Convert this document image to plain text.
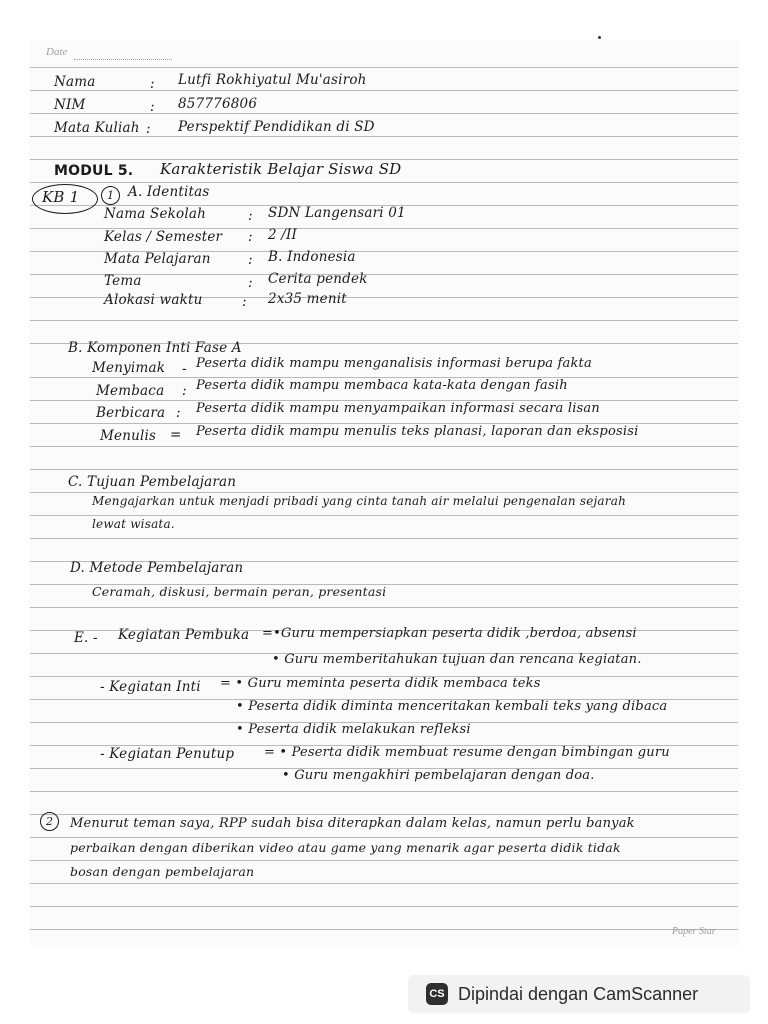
Date
Nama	: Lutfi Rokhiyatul Mu'asiroh
NIM	: 857776806
Mata Kuliah : Perspektif Pendidikan di SD
MODUL 5. Karakteristik Belajar Siswa SD
KB 1	1	A. Identitas
Nama Sekolah	: SDN Langensari 01
Kelas / Semester : 2 /II
Mata Pelajaran	: B. Indonesia
Tema	: Cerita pendek
Alokasi waktu	: 2x35 menit
B. Komponen Inti Fase A
Menyimak - Peserta didik mampu menganalisis informasi berupa fakta
Membaca : Peserta didik mampu membaca kata-kata dengan fasih
Berbicara : Peserta didik mampu menyampaikan informasi secara lisan
Menulis = Peserta didik mampu menulis teks planasi, laporan dan eksposisi
C. Tujuan Pembelajaran
Mengajarkan untuk menjadi pribadi yang cinta tanah air melalui pengenalan sejarah
lewat wisata.
D. Metode Pembelajaran
Ceramah, diskusi, bermain peran, presentasi
E. - Kegiatan Pembuka =•Guru mempersiapkan peserta didik ,berdoa, absensi
• Guru memberitahukan tujuan dan rencana kegiatan.
- Kegiatan Inti = • Guru meminta peserta didik membaca teks
• Peserta didik diminta menceritakan kembali teks yang dibaca
• Peserta didik melakukan refleksi
- Kegiatan Penutup = • Peserta didik membuat resume dengan bimbingan guru
• Guru mengakhiri pembelajaran dengan doa.
2	Menurut teman saya, RPP sudah bisa diterapkan dalam kelas, namun perlu banyak
perbaikan dengan diberikan video atau game yang menarik agar peserta didik tidak
bosan dengan pembelajaran
Paper Star
CS Dipindai dengan CamScanner
